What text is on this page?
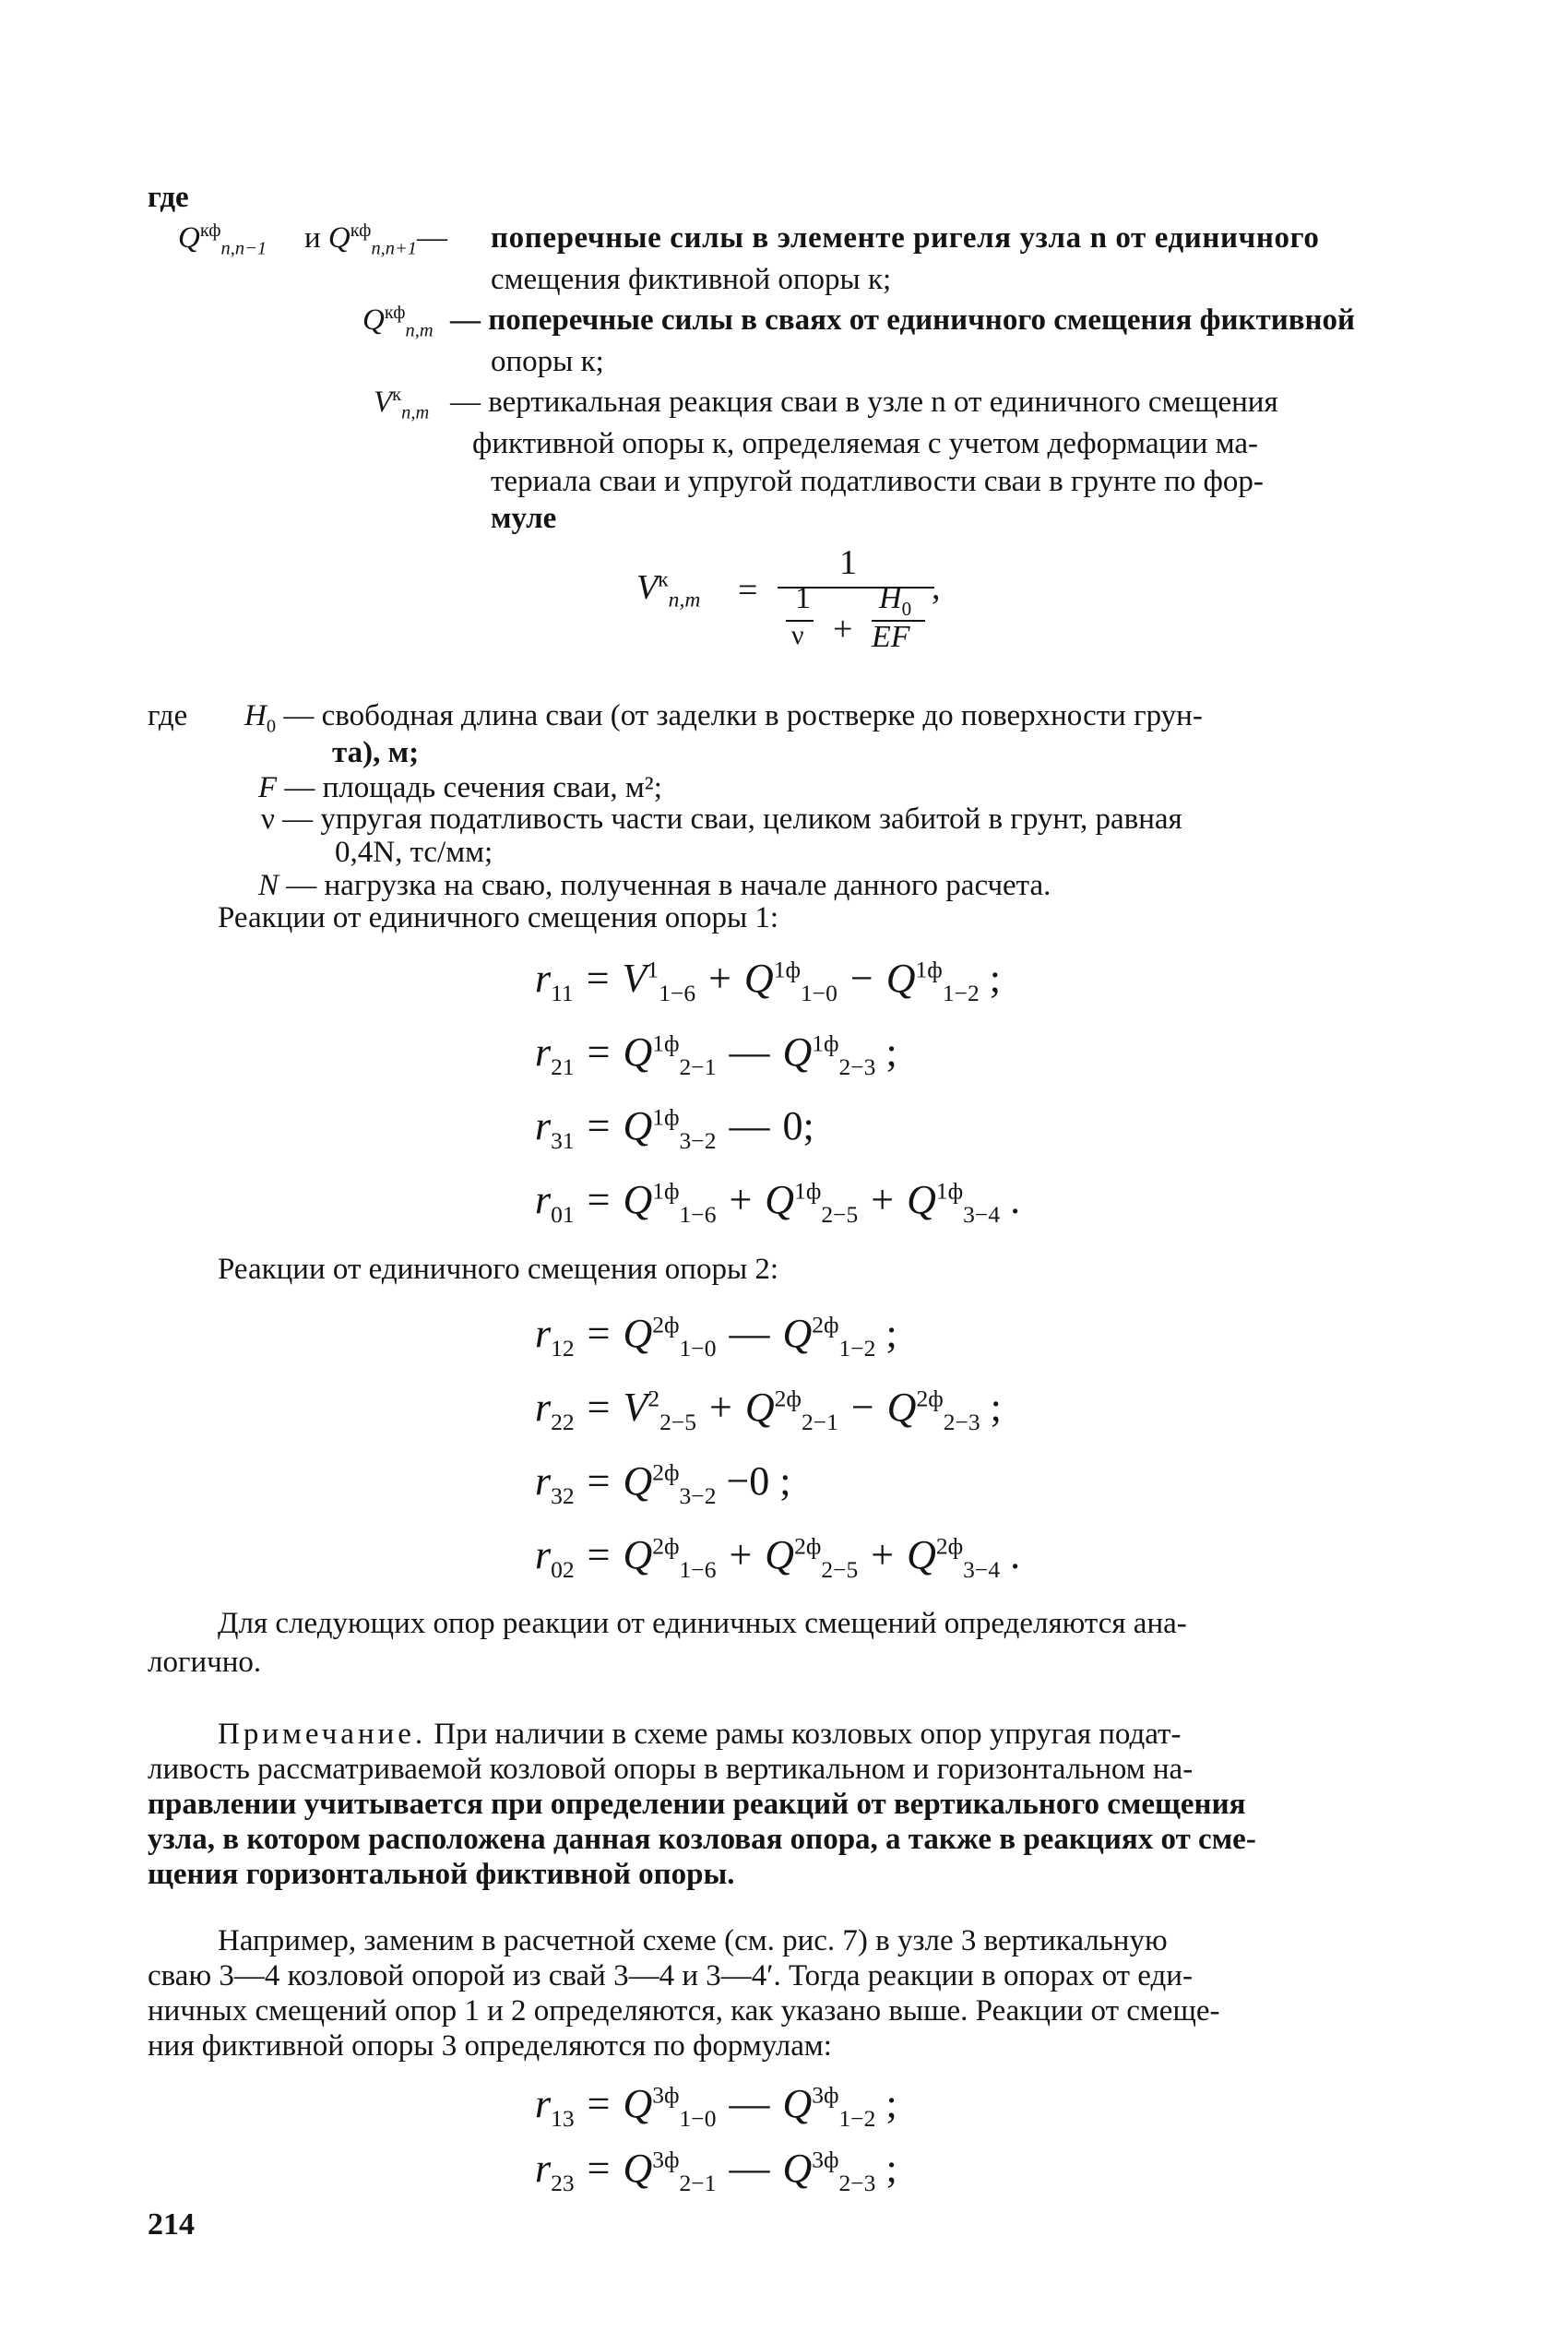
где
$Q^{кф}_{n,n-1}$ и $Q^{кф}_{n,n+1}—$ поперечные силы в элементе ригеля узла n от единичного
смещения фиктивной опоры к;
$Q^{кф}_{n,m}$ — поперечные силы в сваях от единичного смещения фиктивной
опоры к;
$V^к_{n,m}$ — вертикальная реакция сваи в узле n от единичного смещения
фиктивной опоры к, определяемая с учетом деформации ма-
териала сваи и упругой податливости сваи в грунте по фор-
муле
$V^к_{n,m}$ =
1
1
ν +
$H_0$
EF
,
где $H_0$ — свободная длина сваи (от заделки в ростверке до поверхности грун-
та), м;
F — площадь сечения сваи, м²;
ν — упругая податливость части сваи, целиком забитой в грунт, равная
0,4N, тс/мм;
N — нагрузка на сваю, полученная в начале данного расчета.
Реакции от единичного смещения опоры 1:
$r_{11} = V^1_{1-6} + Q^{1ф}_{1-0} - Q^{1ф}_{1-2}$ ;
$r_{21} = Q^{1ф}_{2-1}$ — $Q^{1ф}_{2-3}$ ;
$r_{31} = Q^{1ф}_{3-2}$ — 0;
$r_{01} = Q^{1ф}_{1-6} + Q^{1ф}_{2-5} + Q^{1ф}_{3-4}$ .
Реакции от единичного смещения опоры 2:
$r_{12} = Q^{2ф}_{1-0}$ — $Q^{2ф}_{1-2}$ ;
$r_{22} = V^2_{2-5} + Q^{2ф}_{2-1} - Q^{2ф}_{2-3}$ ;
$r_{32} = Q^{2ф}_{3-2} -0$ ;
$r_{02} = Q^{2ф}_{1-6} + Q^{2ф}_{2-5} + Q^{2ф}_{3-4}$ .
Для следующих опор реакции от единичных смещений определяются ана-
логично.
Примечание. При наличии в схеме рамы козловых опор упругая подат-
ливость рассматриваемой козловой опоры в вертикальном и горизонтальном на-
правлении учитывается при определении реакций от вертикального смещения
узла, в котором расположена данная козловая опора, а также в реакциях от сме-
щения горизонтальной фиктивной опоры.
Например, заменим в расчетной схеме (см. рис. 7) в узле 3 вертикальную
сваю 3—4 козловой опорой из свай 3—4 и 3—4′. Тогда реакции в опорах от еди-
ничных смещений опор 1 и 2 определяются, как указано выше. Реакции от смеще-
ния фиктивной опоры 3 определяются по формулам:
$r_{13} = Q^{3ф}_{1-0}$ — $Q^{3ф}_{1-2}$ ;
$r_{23} = Q^{3ф}_{2-1}$ — $Q^{3ф}_{2-3}$ ;
214
